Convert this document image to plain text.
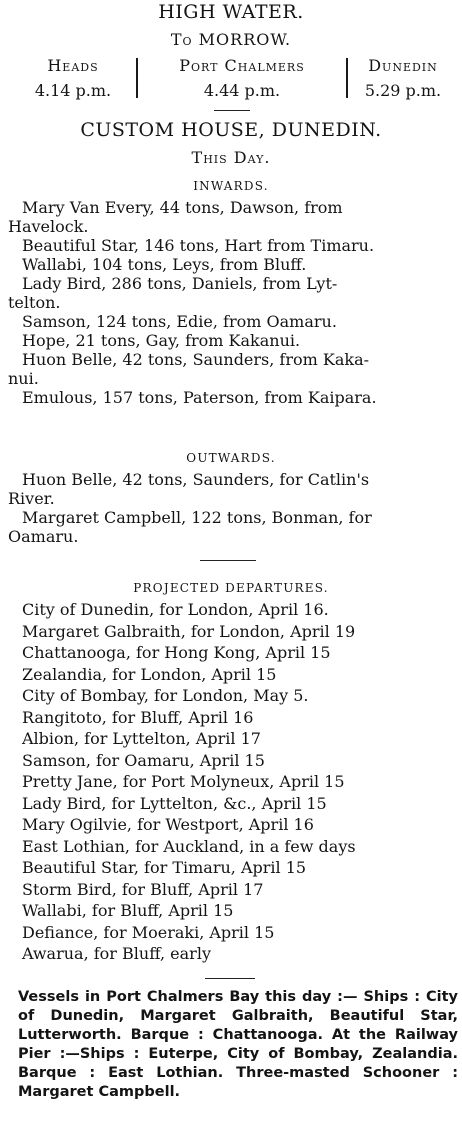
HIGH WATER.
To MORROW.
Heads
4.14 p.m.
Port Chalmers
4.44 p.m.
Dunedin
5.29 p.m.
CUSTOM HOUSE, DUNEDIN.
This Day.
INWARDS.

Mary Van Every, 44 tons, Dawson, from

Havelock.

Beautiful Star, 146 tons, Hart from Timaru.

Wallabi, 104 tons, Leys, from Bluff.

Lady Bird, 286 tons, Daniels, from Lyt-

telton.

Samson, 124 tons, Edie, from Oamaru.

Hope, 21 tons, Gay, from Kakanui.

Huon Belle, 42 tons, Saunders, from Kaka-

nui.

Emulous, 157 tons, Paterson, from Kaipara.

OUTWARDS.

Huon Belle, 42 tons, Saunders, for Catlin's

River.

Margaret Campbell, 122 tons, Bonman, for

Oamaru.

PROJECTED DEPARTURES.
City of Dunedin, for London, April 16.
Margaret Galbraith, for London, April 19
Chattanooga, for Hong Kong, April 15
Zealandia, for London, April 15
City of Bombay, for London, May 5.
Rangitoto, for Bluff, April 16
Albion, for Lyttelton, April 17
Samson, for Oamaru, April 15
Pretty Jane, for Port Molyneux, April 15
Lady Bird, for Lyttelton, &c., April 15
Mary Ogilvie, for Westport, April 16
East Lothian, for Auckland, in a few days
Beautiful Star, for Timaru, April 15
Storm Bird, for Bluff, April 17
Wallabi, for Bluff, April 15
Defiance, for Moeraki, April 15
Awarua, for Bluff, early
Vessels in Port Chalmers Bay this day :— Ships : City of Dunedin, Margaret Galbraith, Beautiful Star, Lutterworth. Barque : Chattanooga. At the Railway Pier :—Ships : Euterpe, City of Bombay, Zealandia. Barque : East Lothian. Three-masted Schooner : Margaret Campbell.
